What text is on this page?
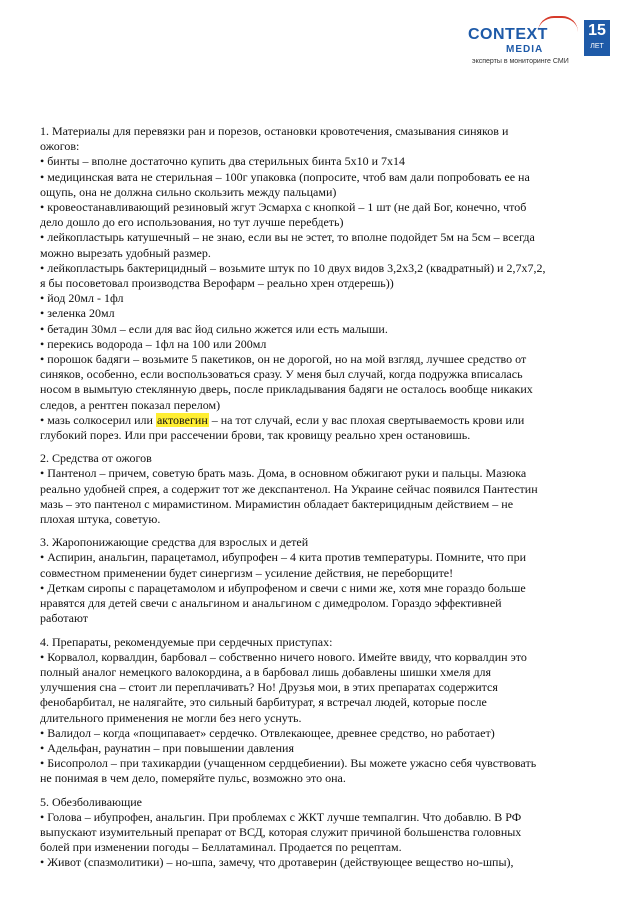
CONTEXT
MEDIA
эксперты в мониторинге СМИ
15
ЛЕТ
1. Материалы для перевязки ран и порезов, остановки кровотечения, смазывания синяков и
ожогов:
• бинты – вполне достаточно купить два стерильных бинта 5х10 и 7х14
• медицинская вата не стерильная – 100г упаковка (попросите, чтоб вам дали попробовать ее на
ощупь, она не должна сильно скользить между пальцами)
• кровеостанавливающий резиновый жгут Эсмарха с кнопкой – 1 шт (не дай Бог, конечно, чтоб
дело дошло до его использования, но тут лучше перебдеть)
• лейкопластырь катушечный – не знаю, если вы не эстет, то вполне подойдет 5м на 5см – всегда
можно вырезать удобный размер.
• лейкопластырь бактерицидный – возьмите штук по 10 двух видов 3,2х3,2 (квадратный) и 2,7х7,2,
я бы посоветовал производства Верофарм – реально хрен отдерешь))
• йод 20мл - 1фл
• зеленка 20мл
• бетадин 30мл – если для вас йод сильно жжется или есть малыши.
• перекись водорода – 1фл на 100 или 200мл
• порошок бадяги – возьмите 5 пакетиков, он не дорогой, но на мой взгляд, лучшее средство от
синяков, особенно, если воспользоваться сразу. У меня был случай, когда подружка вписалась
носом в вымытую стеклянную дверь, после прикладывания бадяги не осталось вообще никаких
следов, а рентген показал перелом)
• мазь солкосерил или актовегин – на тот случай, если у вас плохая свертываемость крови или
глубокий порез. Или при рассечении брови, так кровищу реально хрен остановишь.
2. Средства от ожогов
• Пантенол – причем, советую брать мазь. Дома, в основном обжигают руки и пальцы. Мазюка
реально удобней спрея, а содержит тот же декспантенол. На Украине сейчас появился Пантестин
мазь – это пантенол с мирамистином. Мирамистин обладает бактерицидным действием – не
плохая штука, советую.
3. Жаропонижающие средства для взрослых и детей
• Аспирин, анальгин, парацетамол, ибупрофен – 4 кита против температуры. Помните, что при
совместном применении будет синергизм – усиление действия, не переборщите!
• Деткам сиропы с парацетамолом и ибупрофеном и свечи с ними же, хотя мне гораздо больше
нравятся для детей свечи с анальгином и анальгином с димедролом. Гораздо эффективней
работают
4. Препараты, рекомендуемые при сердечных приступах:
• Корвалол, корвалдин, барбовал – собственно ничего нового. Имейте ввиду, что корвалдин это
полный аналог немецкого валокордина, а в барбовал лишь добавлены шишки хмеля для
улучшения сна – стоит ли переплачивать? Но! Друзья мои, в этих препаратах содержится
фенобарбитал, не налягайте, это сильный барбитурат, я встречал людей, которые после
длительного применения не могли без него уснуть.
• Валидол – когда «пощипавает» сердечко. Отвлекающее, древнее средство, но работает)
• Адельфан, раунатин – при повышении давления
• Бисопролол – при тахикардии (учащенном сердцебиении). Вы можете ужасно себя чувствовать
не понимая в чем дело, померяйте пульс, возможно это она.
5. Обезболивающие
• Голова – ибупрофен, анальгин. При проблемах с ЖКТ лучше темпалгин. Что добавлю. В РФ
выпускают изумительный препарат от ВСД, которая служит причиной большенства головных
болей при изменении погоды – Беллатаминал. Продается по рецептам.
• Живот (спазмолитики) – но-шпа, замечу, что дротаверин (действующее вещество но-шпы),
